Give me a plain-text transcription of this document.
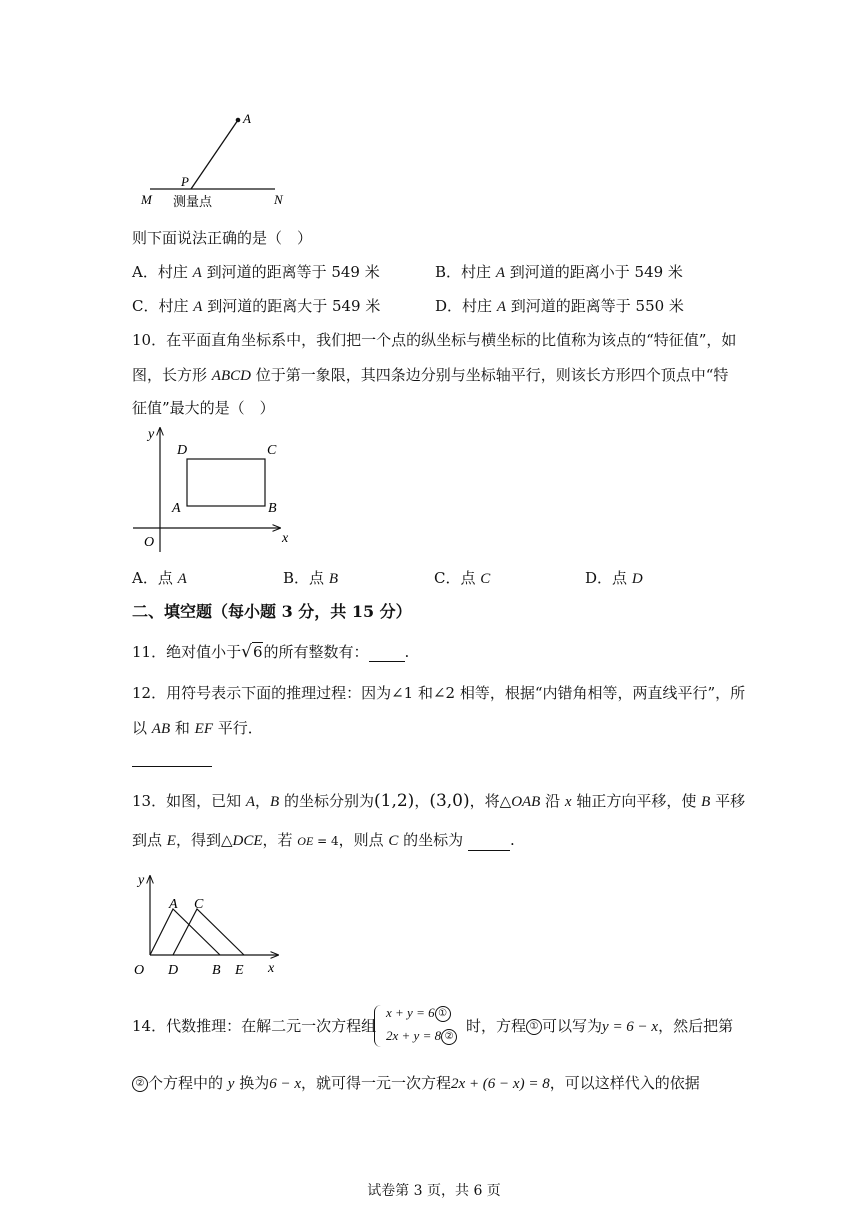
A
P
M	N
测量点
则下面说法正确的是（　）
A．村庄 A 到河道的距离等于 549 米	B．村庄 A 到河道的距离小于 549 米
C．村庄 A 到河道的距离大于 549 米	D．村庄 A 到河道的距离等于 550 米
10．在平面直角坐标系中，我们把一个点的纵坐标与横坐标的比值称为该点的“特征值”，如
图，长方形 ABCD 位于第一象限，其四条边分别与坐标轴平行，则该长方形四个顶点中“特
征值”最大的是（　）
y
x
O
D	C
A	B
A．点 A	B．点 B	C．点 C	D．点 D
二、填空题（每小题 3 分，共 15 分）
11．绝对值小于√6的所有整数有： .
12．用符号表示下面的推理过程：因为∠1 和∠2 相等，根据“内错角相等，两直线平行”，所
以 AB 和 EF 平行．
13．如图，已知 A，B 的坐标分别为(1,2)，(3,0)，将△OAB 沿 x 轴正方向平移，使 B 平移
到点 E，得到△DCE，若 OE = 4，则点 C 的坐标为	.
y
x
O
A C
D B E
14．代数推理：在解二元一次方程组
x + y = 6 ①
2x + y = 8 ②
时，方程 ① 可以写为y = 6 − x，然后把第
② 个方程中的 y 换为6 − x，就可得一元一次方程2x + (6 − x) = 8，可以这样代入的依据
试卷第 3 页，共 6 页
